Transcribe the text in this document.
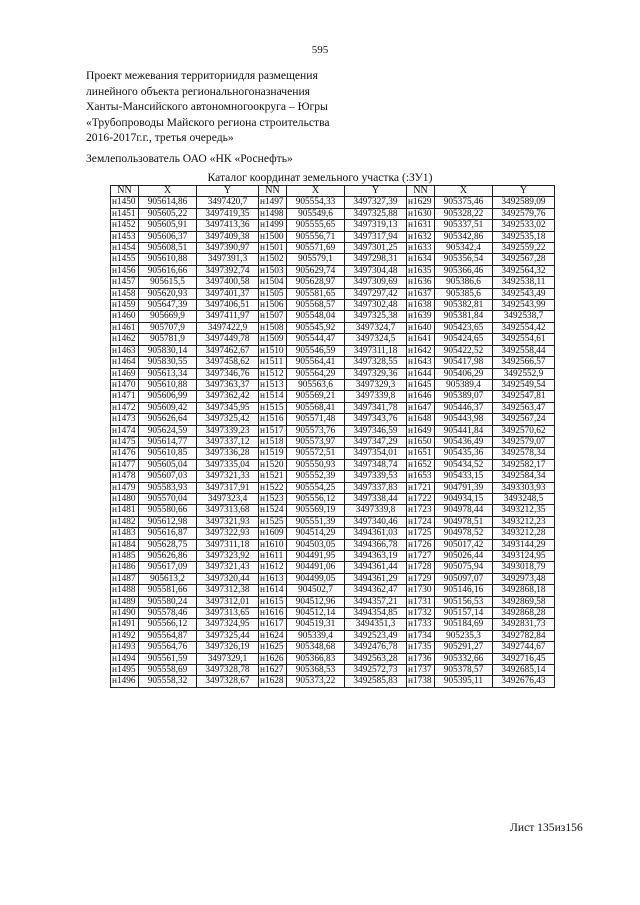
595
Проект межевания территориидля размещения
линейного объекта региональногоназначения
Ханты-Мансийского автономногоокруга – Югры
«Трубопроводы Майского региона строительства
2016-2017г.г., третья очередь»
Землепользователь ОАО «НК «Роснефть»
Каталог координат земельного участка (:ЗУ1)
NN	X	Y	NN	X	Y	NN	X	Y
н1450	905614,86	3497420,7	н1497	905554,33	3497327,39	н1629	905375,46	3492589,09
н1451	905605,22	3497419,35	н1498	905549,6	3497325,88	н1630	905328,22	3492579,76
н1452	905605,91	3497413,36	н1499	905555,65	3497319,13	н1631	905337,51	3492533,02
н1453	905606,37	3497409,38	н1500	905556,71	3497317,94	н1632	905342,86	3492535,18
н1454	905608,51	3497390,97	н1501	905571,69	3497301,25	н1633	905342,4	3492559,22
н1455	905610,88	3497391,3	н1502	905579,1	3497298,31	н1634	905356,54	3492567,28
н1456	905616,66	3497392,74	н1503	905629,74	3497304,48	н1635	905366,46	3492564,32
н1457	905615,5	3497400,58	н1504	905628,97	3497309,69	н1636	905386,6	3492538,11
н1458	905620,93	3497401,37	н1505	905581,65	3497297,42	н1637	905385,6	3492543,49
н1459	905647,39	3497406,51	н1506	905568,57	3497302,48	н1638	905382,81	3492543,99
н1460	905669,9	3497411,97	н1507	905548,04	3497325,38	н1639	905381,84	3492538,7
н1461	905707,9	3497422,9	н1508	905545,92	3497324,7	н1640	905423,65	3492554,42
н1462	905781,9	3497449,78	н1509	905544,47	3497324,5	н1641	905424,65	3492554,61
н1463	905830,14	3497462,67	н1510	905546,59	3497311,18	н1642	905422,52	3492558,44
н1464	905830,55	3497458,62	н1511	905564,41	3497328,55	н1643	905417,98	3492566,57
н1469	905613,34	3497346,76	н1512	905564,29	3497329,36	н1644	905406,29	3492552,9
н1470	905610,88	3497363,37	н1513	905563,6	3497329,3	н1645	905389,4	3492549,54
н1471	905606,99	3497362,42	н1514	905569,21	3497339,8	н1646	905389,07	3492547,81
н1472	905609,42	3497345,95	н1515	905568,41	3497341,78	н1647	905446,37	3492563,47
н1473	905626,64	3497325,42	н1516	905571,48	3497343,76	н1648	905443,98	3492567,24
н1474	905624,59	3497339,23	н1517	905573,76	3497346,59	н1649	905441,84	3492570,62
н1475	905614,77	3497337,12	н1518	905573,97	3497347,29	н1650	905436,49	3492579,07
н1476	905610,85	3497336,28	н1519	905572,51	3497354,01	н1651	905435,36	3492578,34
н1477	905605,04	3497335,04	н1520	905550,93	3497348,74	н1652	905434,52	3492582,17
н1478	905607,03	3497321,33	н1521	905552,39	3497339,53	н1653	905433,15	3492584,34
н1479	905583,93	3497317,91	н1522	905554,25	3497337,83	н1721	904791,39	3493303,93
н1480	905570,04	3497323,4	н1523	905556,12	3497338,44	н1722	904934,15	3493248,5
н1481	905580,66	3497313,68	н1524	905569,19	3497339,8	н1723	904978,44	3493212,35
н1482	905612,98	3497321,93	н1525	905551,39	3497340,46	н1724	904978,51	3493212,23
н1483	905616,87	3497322,93	н1609	904514,29	3494361,03	н1725	904978,52	3493212,28
н1484	905628,75	3497311,18	н1610	904503,05	3494366,78	н1726	905017,42	3493144,29
н1485	905626,86	3497323,92	н1611	904491,95	3494363,19	н1727	905026,44	3493124,95
н1486	905617,09	3497321,43	н1612	904491,06	3494361,44	н1728	905075,94	3493018,79
н1487	905613,2	3497320,44	н1613	904499,05	3494361,29	н1729	905097,07	3492973,48
н1488	905581,66	3497312,38	н1614	904502,7	3494362,47	н1730	905146,16	3492868,18
н1489	905580,24	3497312,01	н1615	904512,96	3494357,21	н1731	905156,53	3492869,58
н1490	905578,46	3497313,65	н1616	904512,14	3494354,85	н1732	905157,14	3492868,28
н1491	905566,12	3497324,95	н1617	904519,31	3494351,3	н1733	905184,69	3492831,73
н1492	905564,87	3497325,44	н1624	905339,4	3492523,49	н1734	905235,3	3492782,84
н1493	905564,76	3497326,19	н1625	905348,68	3492476,78	н1735	905291,27	3492744,67
н1494	905561,59	3497329,1	н1626	905366,83	3492563,28	н1736	905332,66	3492716,45
н1495	905558,69	3497328,78	н1627	905368,53	3492572,73	н1737	905378,57	3492685,14
н1496	905558,32	3497328,67	н1628	905373,22	3492585,83	н1738	905395,11	3492676,43
Лист 135из156
